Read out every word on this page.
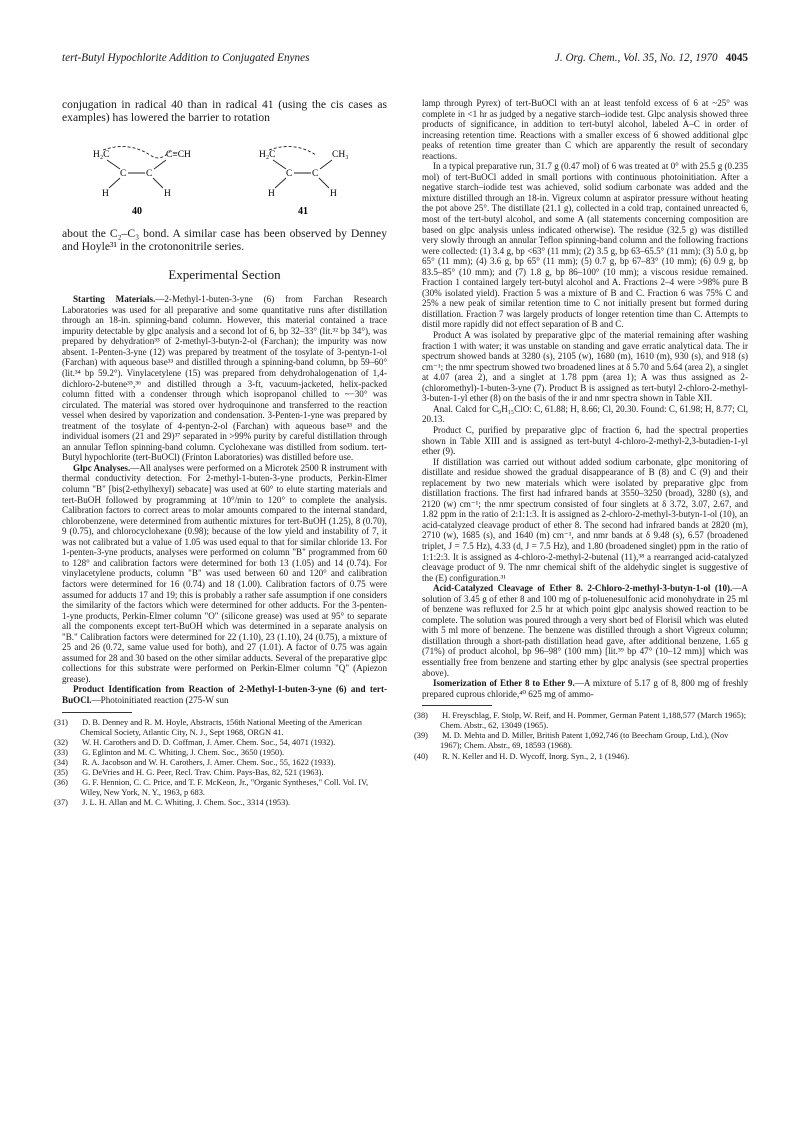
tert-Butyl Hypochlorite Addition to Conjugated Enynes	J. Org. Chem., Vol. 35, No. 12, 1970 4045

conjugation in radical 40 than in radical 41 (using the cis cases as examples) has lowered the barrier to rotation

H₂C
C C
C≡CH
H	H
40
H₂C
C C
CH₃
H	H
41

about the C₂–C₃ bond. A similar case has been observed by Denney and Hoyle³¹ in the crotononitrile series.

Experimental Section

Starting Materials.—2-Methyl-1-buten-3-yne (6) from Farchan Research Laboratories was used for all preparative and some quantitative runs after distillation through an 18-in. spinning-band column. However, this material contained a trace impurity detectable by glpc analysis and a second lot of 6, bp 32–33° (lit.³² bp 34°), was prepared by dehydration³³ of 2-methyl-3-butyn-2-ol (Farchan); the impurity was now absent. 1-Penten-3-yne (12) was prepared by treatment of the tosylate of 3-pentyn-1-ol (Farchan) with aqueous base³³ and distilled through a spinning-band column, bp 59–60° (lit.³⁴ bp 59.2°). Vinylacetylene (15) was prepared from dehydrohalogenation of 1,4-dichloro-2-butene³⁵,³⁶ and distilled through a 3-ft, vacuum-jacketed, helix-packed column fitted with a condenser through which isopropanol chilled to ~−30° was circulated. The material was stored over hydroquinone and transferred to the reaction vessel when desired by vaporization and condensation. 3-Penten-1-yne was prepared by treatment of the tosylate of 4-pentyn-2-ol (Farchan) with aqueous base³³ and the individual isomers (21 and 29)³⁷ separated in >99% purity by careful distillation through an annular Teflon spinning-band column. Cyclohexane was distilled from sodium. tert-Butyl hypochlorite (tert-BuOCl) (Frinton Laboratories) was distilled before use.

Glpc Analyses.—All analyses were performed on a Microtek 2500 R instrument with thermal conductivity detection. For 2-methyl-1-buten-3-yne products, Perkin-Elmer column "B" [bis(2-ethylhexyl) sebacate] was used at 60° to elute starting materials and tert-BuOH followed by programming at 10°/min to 120° to complete the analysis. Calibration factors to correct areas to molar amounts compared to the internal standard, chlorobenzene, were determined from authentic mixtures for tert-BuOH (1.25), 8 (0.70), 9 (0.75), and chlorocyclohexane (0.98); because of the low yield and instability of 7, it was not calibrated but a value of 1.05 was used equal to that for similar chloride 13. For 1-penten-3-yne products, analyses were performed on column "B" programmed from 60 to 128° and calibration factors were determined for both 13 (1.05) and 14 (0.74). For vinylacetylene products, column "B" was used between 60 and 120° and calibration factors were determined for 16 (0.74) and 18 (1.00). Calibration factors of 0.75 were assumed for adducts 17 and 19; this is probably a rather safe assumption if one considers the similarity of the factors which were determined for other adducts. For the 3-penten-1-yne products, Perkin-Elmer column "O" (silicone grease) was used at 95° to separate all the components except tert-BuOH which was determined in a separate analysis on "B." Calibration factors were determined for 22 (1.10), 23 (1.10), 24 (0.75), a mixture of 25 and 26 (0.72, same value used for both), and 27 (1.01). A factor of 0.75 was again assumed for 28 and 30 based on the other similar adducts. Several of the preparative glpc collections for this substrate were performed on Perkin-Elmer column "Q" (Apiezon grease).

Product Identification from Reaction of 2-Methyl-1-buten-3-yne (6) and tert-BuOCl.—Photoinitiated reaction (275-W sun

(31) D. B. Denney and R. M. Hoyle, Abstracts, 156th National Meeting of the American Chemical Society, Atlantic City, N. J., Sept 1968, ORGN 41.
(32) W. H. Carothers and D. D. Coffman, J. Amer. Chem. Soc., 54, 4071 (1932).
(33) G. Eglinton and M. C. Whiting, J. Chem. Soc., 3650 (1950).
(34) R. A. Jacobson and W. H. Carothers, J. Amer. Chem. Soc., 55, 1622 (1933).
(35) G. DeVries and H. G. Peer, Recl. Trav. Chim. Pays-Bas, 82, 521 (1963).
(36) G. F. Hennion, C. C. Price, and T. F. McKeon, Jr., "Organic Syntheses," Coll. Vol. IV, Wiley, New York, N. Y., 1963, p 683.
(37) J. L. H. Allan and M. C. Whiting, J. Chem. Soc., 3314 (1953).

lamp through Pyrex) of tert-BuOCl with an at least tenfold excess of 6 at ~25° was complete in <1 hr as judged by a negative starch–iodide test. Glpc analysis showed three products of significance, in addition to tert-butyl alcohol, labeled A–C in order of increasing retention time. Reactions with a smaller excess of 6 showed additional glpc peaks of retention time greater than C which are apparently the result of secondary reactions.

In a typical preparative run, 31.7 g (0.47 mol) of 6 was treated at 0° with 25.5 g (0.235 mol) of tert-BuOCl added in small portions with continuous photoinitiation. After a negative starch–iodide test was achieved, solid sodium carbonate was added and the mixture distilled through an 18-in. Vigreux column at aspirator pressure without heating the pot above 25°. The distillate (21.1 g), collected in a cold trap, contained unreacted 6, most of the tert-butyl alcohol, and some A (all statements concerning composition are based on glpc analysis unless indicated otherwise). The residue (32.5 g) was distilled very slowly through an annular Teflon spinning-band column and the following fractions were collected: (1) 3.4 g, bp <63° (11 mm); (2) 3.5 g, bp 63–65.5° (11 mm); (3) 5.0 g, bp 65° (11 mm); (4) 3.6 g, bp 65° (11 mm); (5) 0.7 g, bp 67–83° (10 mm); (6) 0.9 g, bp 83.5–85° (10 mm); and (7) 1.8 g, bp 86–100° (10 mm); a viscous residue remained. Fraction 1 contained largely tert-butyl alcohol and A. Fractions 2–4 were >98% pure B (30% isolated yield). Fraction 5 was a mixture of B and C. Fraction 6 was 75% C and 25% a new peak of similar retention time to C not initially present but formed during distillation. Fraction 7 was largely products of longer retention time than C. Attempts to distil more rapidly did not effect separation of B and C.

Product A was isolated by preparative glpc of the material remaining after washing fraction 1 with water; it was unstable on standing and gave erratic analytical data. The ir spectrum showed bands at 3280 (s), 2105 (w), 1680 (m), 1610 (m), 930 (s), and 918 (s) cm⁻¹; the nmr spectrum showed two broadened lines at δ 5.70 and 5.64 (area 2), a singlet at 4.07 (area 2), and a singlet at 1.78 ppm (area 1); A was thus assigned as 2-(chloromethyl)-1-buten-3-yne (7). Product B is assigned as tert-butyl 2-chloro-2-methyl-3-buten-1-yl ether (8) on the basis of the ir and nmr spectra shown in Table XII.

Anal. Calcd for C₉H₁₅ClO: C, 61.88; H, 8.66; Cl, 20.30. Found: C, 61.98; H, 8.77; Cl, 20.13.

Product C, purified by preparative glpc of fraction 6, had the spectral properties shown in Table XIII and is assigned as tert-butyl 4-chloro-2-methyl-2,3-butadien-1-yl ether (9).

If distillation was carried out without added sodium carbonate, glpc monitoring of distillate and residue showed the gradual disappearance of B (8) and C (9) and their replacement by two new materials which were isolated by preparative glpc from distillation fractions. The first had infrared bands at 3550–3250 (broad), 3280 (s), and 2120 (w) cm⁻¹; the nmr spectrum consisted of four singlets at δ 3.72, 3.07, 2.67, and 1.82 ppm in the ratio of 2:1:1:3. It is assigned as 2-chloro-2-methyl-3-butyn-1-ol (10), an acid-catalyzed cleavage product of ether 8. The second had infrared bands at 2820 (m), 2710 (w), 1685 (s), and 1640 (m) cm⁻¹, and nmr bands at δ 9.48 (s), 6.57 (broadened triplet, J = 7.5 Hz), 4.33 (d, J = 7.5 Hz), and 1.80 (broadened singlet) ppm in the ratio of 1:1:2:3. It is assigned as 4-chloro-2-methyl-2-butenal (11),³⁸ a rearranged acid-catalyzed cleavage product of 9. The nmr chemical shift of the aldehydic singlet is suggestive of the (E) configuration.³¹

Acid-Catalyzed Cleavage of Ether 8. 2-Chloro-2-methyl-3-butyn-1-ol (10).—A solution of 3.45 g of ether 8 and 100 mg of p-toluenesulfonic acid monohydrate in 25 ml of benzene was refluxed for 2.5 hr at which point glpc analysis showed reaction to be complete. The solution was poured through a very short bed of Florisil which was eluted with 5 ml more of benzene. The benzene was distilled through a short Vigreux column; distillation through a short-path distillation head gave, after additional benzene, 1.65 g (71%) of product alcohol, bp 96–98° (100 mm) [lit.³⁹ bp 47° (10–12 mm)] which was essentially free from benzene and starting ether by glpc analysis (see spectral properties above).

Isomerization of Ether 8 to Ether 9.—A mixture of 5.17 g of 8, 800 mg of freshly prepared cuprous chloride,⁴⁰ 625 mg of ammo-

(38) H. Freyschlag, F. Stolp, W. Reif, and H. Pommer, German Patent 1,188,577 (March 1965); Chem. Abstr., 62, 13049 (1965).
(39) M. D. Mehta and D. Miller, British Patent 1,092,746 (to Beecham Group, Ltd.), (Nov 1967); Chem. Abstr., 69, 18593 (1968).
(40) R. N. Keller and H. D. Wycoff, Inorg. Syn., 2, 1 (1946).
